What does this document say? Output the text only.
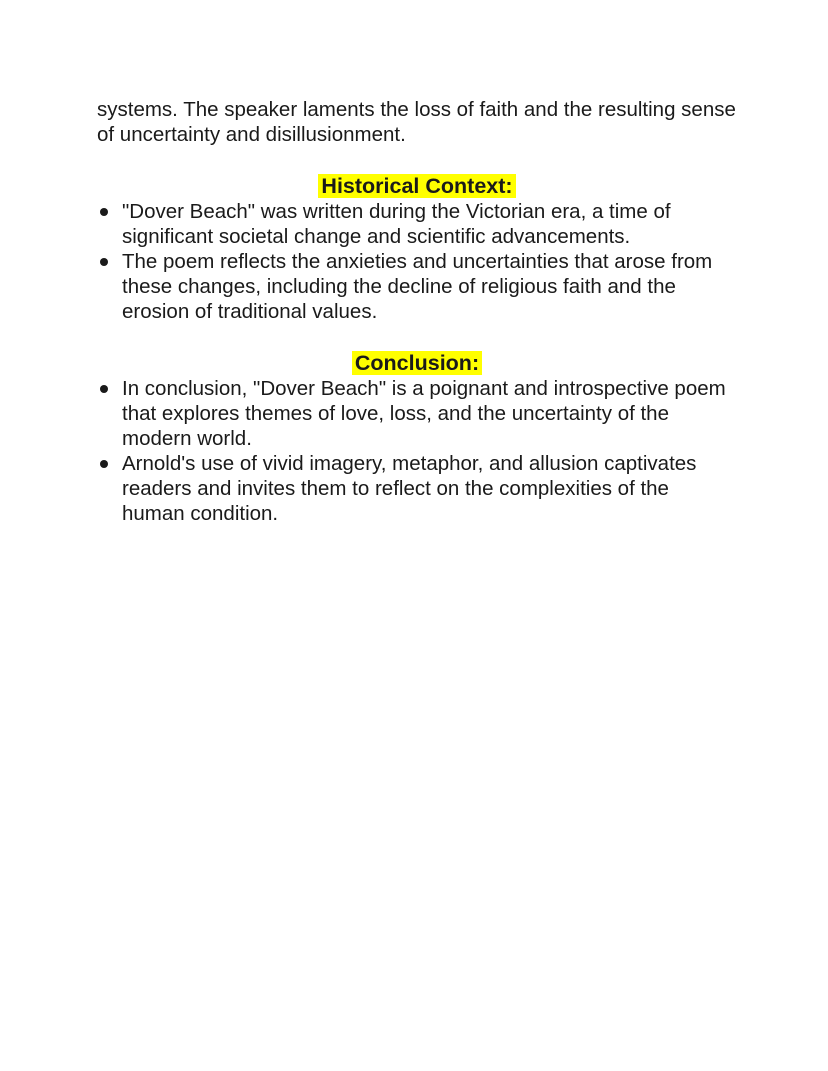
systems. The speaker laments the loss of faith and the resulting sense of uncertainty and disillusionment.

Historical Context:
"Dover Beach" was written during the Victorian era, a time of significant societal change and scientific advancements.
The poem reflects the anxieties and uncertainties that arose from these changes, including the decline of religious faith and the erosion of traditional values.
Conclusion:
In conclusion, "Dover Beach" is a poignant and introspective poem that explores themes of love, loss, and the uncertainty of the modern world.
Arnold's use of vivid imagery, metaphor, and allusion captivates readers and invites them to reflect on the complexities of the human condition.
